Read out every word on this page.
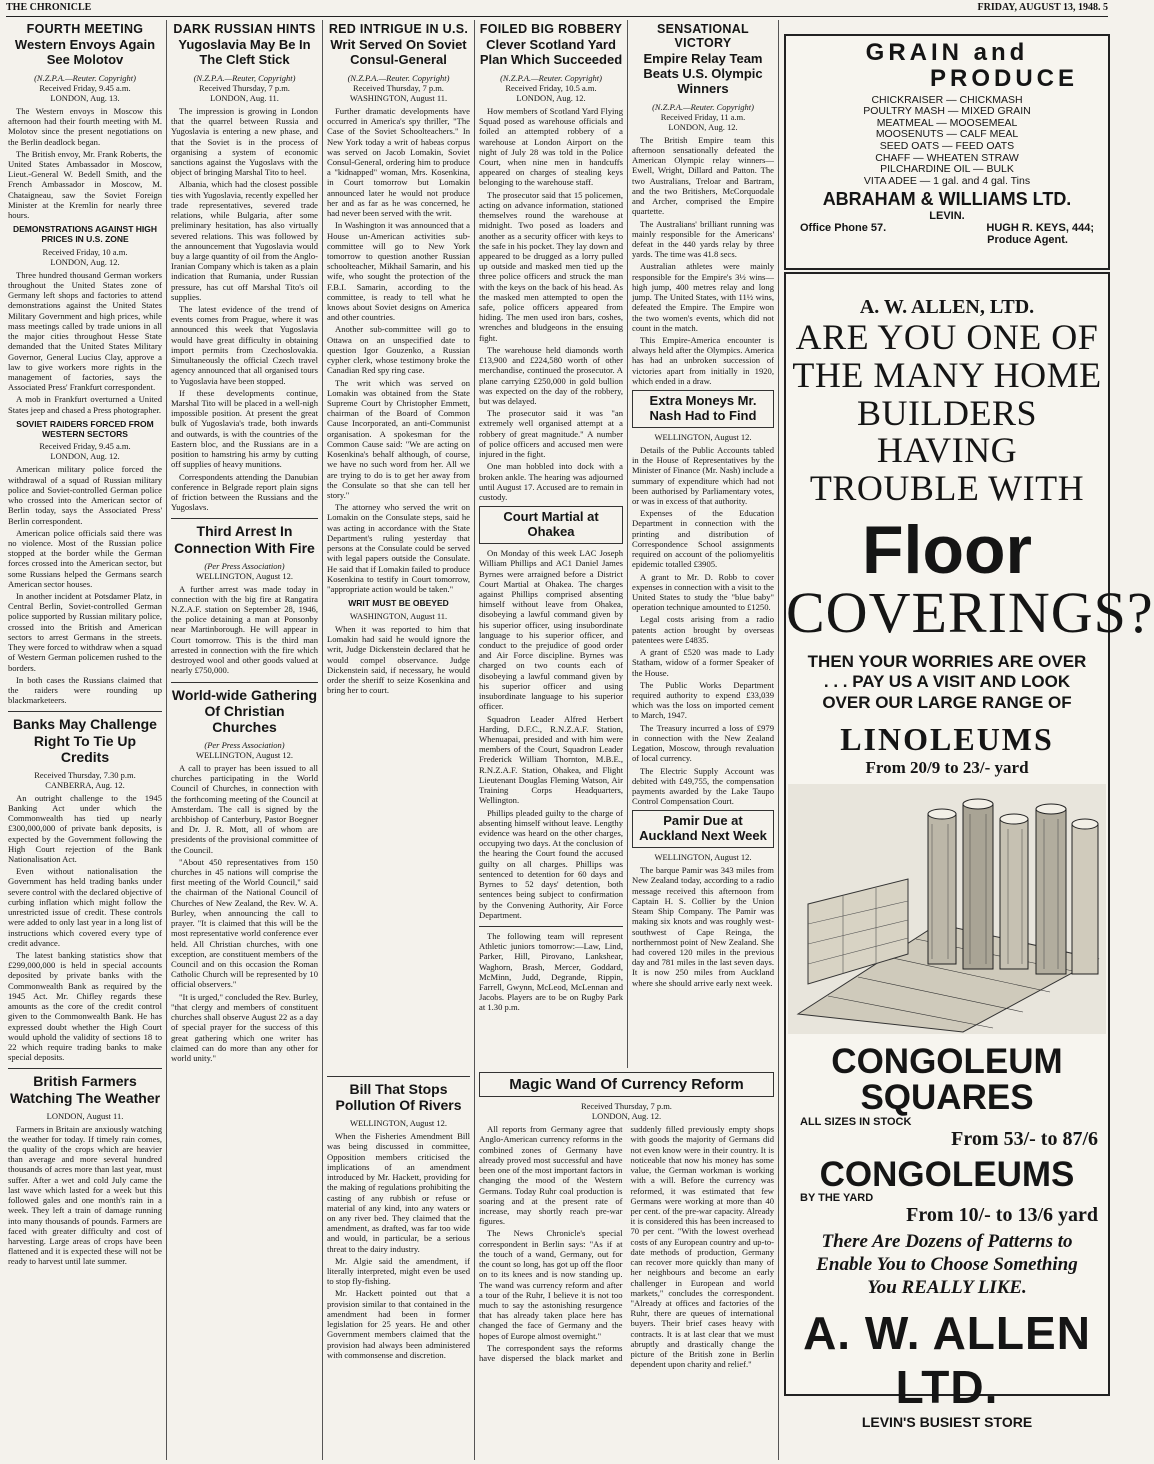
THE CHRONICLE	FRIDAY, AUGUST 13, 1948. 5
FOURTH MEETING
Western Envoys Again See Molotov
(N.Z.P.A.—Reuter. Copyright)
Received Friday, 9.45 a.m.
LONDON, Aug. 13.

The Western envoys in Moscow this afternoon had their fourth meeting with M. Molotov since the present negotiations on the Berlin deadlock began.

The British envoy, Mr. Frank Roberts, the United States Ambassador in Moscow, Lieut.-General W. Bedell Smith, and the French Ambassador in Moscow, M. Chataigneau, saw the Soviet Foreign Minister at the Kremlin for nearly three hours.

DEMONSTRATIONS AGAINST HIGH PRICES IN U.S. ZONE
Received Friday, 10 a.m.
LONDON, Aug. 12.

Three hundred thousand German workers throughout the United States zone of Germany left shops and factories to attend demonstrations against the United States Military Government and high prices, while mass meetings called by trade unions in all the major cities throughout Hesse State demanded that the United States Military Governor, General Lucius Clay, approve a law to give workers more rights in the management of factories, says the Associated Press' Frankfurt correspondent.

A mob in Frankfurt overturned a United States jeep and chased a Press photographer.

SOVIET RAIDERS FORCED FROM WESTERN SECTORS
Received Friday, 9.45 a.m.
LONDON, Aug. 12.

American military police forced the withdrawal of a squad of Russian military police and Soviet-controlled German police who crossed into the American sector of Berlin today, says the Associated Press' Berlin correspondent.

American police officials said there was no violence. Most of the Russian police stopped at the border while the German forces crossed into the American sector, but some Russians helped the Germans search American sector houses.

In another incident at Potsdamer Platz, in Central Berlin, Soviet-controlled German police supported by Russian military police, crossed into the British and American sectors to arrest Germans in the streets. They were forced to withdraw when a squad of Western German policemen rushed to the borders.

In both cases the Russians claimed that the raiders were rounding up blackmarketeers.

Banks May Challenge Right To Tie Up Credits
Received Thursday, 7.30 p.m.
CANBERRA, Aug. 12.

An outright challenge to the 1945 Banking Act under which the Commonwealth has tied up nearly £300,000,000 of private bank deposits, is expected by the Government following the High Court rejection of the Bank Nationalisation Act.

Even without nationalisation the Government has held trading banks under severe control with the declared objective of curbing inflation which might follow the unrestricted issue of credit. These controls were added to only last year in a long list of instructions which covered every type of credit advance.

The latest banking statistics show that £299,000,000 is held in special accounts deposited by private banks with the Commonwealth Bank as required by the 1945 Act. Mr. Chifley regards these amounts as the core of the credit control given to the Commonwealth Bank. He has expressed doubt whether the High Court would uphold the validity of sections 18 to 22 which require trading banks to make special deposits.

British Farmers Watching The Weather
LONDON, August 11.

Farmers in Britain are anxiously watching the weather for today. If timely rain comes, the quality of the crops which are heavier than average and more several hundred thousands of acres more than last year, must suffer. After a wet and cold July came the last wave which lasted for a week but this followed gales and one month's rain in a week. They left a train of damage running into many thousands of pounds. Farmers are faced with greater difficulty and cost of harvesting. Large areas of crops have been flattened and it is expected these will not be ready to harvest until late summer.

DARK RUSSIAN HINTS
Yugoslavia May Be In The Cleft Stick
(N.Z.P.A.—Reuter, Copyright)
Received Thursday, 7 p.m.
LONDON, Aug. 11.

The impression is growing in London that the quarrel between Russia and Yugoslavia is entering a new phase, and that the Soviet is in the process of organising a system of economic sanctions against the Yugoslavs with the object of bringing Marshal Tito to heel.

Albania, which had the closest possible ties with Yugoslavia, recently expelled her trade representatives, severed trade relations, while Bulgaria, after some preliminary hesitation, has also virtually severed relations. This was followed by the announcement that Yugoslavia would buy a large quantity of oil from the Anglo-Iranian Company which is taken as a plain indication that Rumania, under Russian pressure, has cut off Marshal Tito's oil supplies.

The latest evidence of the trend of events comes from Prague, where it was announced this week that Yugoslavia would have great difficulty in obtaining import permits from Czechoslovakia. Simultaneously the official Czech travel agency announced that all organised tours to Yugoslavia have been stopped.

If these developments continue, Marshal Tito will be placed in a well-nigh impossible position. At present the great bulk of Yugoslavia's trade, both inwards and outwards, is with the countries of the Eastern bloc, and the Russians are in a position to hamstring his army by cutting off supplies of heavy munitions.

Correspondents attending the Danubian conference in Belgrade report plain signs of friction between the Russians and the Yugoslavs.

Third Arrest In Connection With Fire
(Per Press Association)
WELLINGTON, August 12.

A further arrest was made today in connection with the big fire at Rangatira N.Z.A.F. station on September 28, 1946, the police detaining a man at Ponsonby near Martinborough. He will appear in Court tomorrow. This is the third man arrested in connection with the fire which destroyed wool and other goods valued at nearly £750,000.

World-wide Gathering Of Christian Churches
(Per Press Association)
WELLINGTON, August 12.

A call to prayer has been issued to all churches participating in the World Council of Churches, in connection with the forthcoming meeting of the Council at Amsterdam. The call is signed by the archbishop of Canterbury, Pastor Boegner and Dr. J. R. Mott, all of whom are presidents of the provisional committee of the Council.

"About 450 representatives from 150 churches in 45 nations will comprise the first meeting of the World Council," said the chairman of the National Council of Churches of New Zealand, the Rev. W. A. Burley, when announcing the call to prayer. "It is claimed that this will be the most representative world conference ever held. All Christian churches, with one exception, are constituent members of the Council and on this occasion the Roman Catholic Church will be represented by 10 official observers."

"It is urged," concluded the Rev. Burley, "that clergy and members of constituent churches shall observe August 22 as a day of special prayer for the success of this great gathering which one writer has claimed can do more than any other for world unity."

RED INTRIGUE IN U.S.
Writ Served On Soviet Consul-General
(N.Z.P.A.—Reuter. Copyright)
Received Thursday, 7 p.m.
WASHINGTON, August 11.

Further dramatic developments have occurred in America's spy thriller, "The Case of the Soviet Schoolteachers." In New York today a writ of habeas corpus was served on Jacob Lomakin, Soviet Consul-General, ordering him to produce a "kidnapped" woman, Mrs. Kosenkina, in Court tomorrow but Lomakin announced later he would not produce her and as far as he was concerned, he had never been served with the writ.

In Washington it was announced that a House un-American activities sub-committee will go to New York tomorrow to question another Russian schoolteacher, Mikhail Samarin, and his wife, who sought the protection of the F.B.I. Samarin, according to the committee, is ready to tell what he knows about Soviet designs on America and other countries.

Another sub-committee will go to Ottawa on an unspecified date to question Igor Gouzenko, a Russian cypher clerk, whose testimony broke the Canadian Red spy ring case.

The writ which was served on Lomakin was obtained from the State Supreme Court by Christopher Emmett, chairman of the Board of Common Cause Incorporated, an anti-Communist organisation. A spokesman for the Common Cause said: "We are acting on Kosenkina's behalf although, of course, we have no such word from her. All we are trying to do is to get her away from the Consulate so that she can tell her story."

The attorney who served the writ on Lomakin on the Consulate steps, said he was acting in accordance with the State Department's ruling yesterday that persons at the Consulate could be served with legal papers outside the Consulate. He said that if Lomakin failed to produce Kosenkina to testify in Court tomorrow, "appropriate action would be taken."

WRIT MUST BE OBEYED
WASHINGTON, August 11.

When it was reported to him that Lomakin had said he would ignore the writ, Judge Dickenstein declared that he would compel observance. Judge Dickenstein said, if necessary, he would order the sheriff to seize Kosenkina and bring her to court.

Bill That Stops Pollution Of Rivers
WELLINGTON, August 12.

When the Fisheries Amendment Bill was being discussed in committee, Opposition members criticised the implications of an amendment introduced by Mr. Hackett, providing for the making of regulations prohibiting the casting of any rubbish or refuse or material of any kind, into any waters or on any river bed. They claimed that the amendment, as drafted, was far too wide and would, in particular, be a serious threat to the dairy industry.

Mr. Algie said the amendment, if literally interpreted, might even be used to stop fly-fishing.

Mr. Hackett pointed out that a provision similar to that contained in the amendment had been in former legislation for 25 years. He and other Government members claimed that the provision had always been administered with commonsense and discretion.

FOILED BIG ROBBERY
Clever Scotland Yard Plan Which Succeeded
(N.Z.P.A.—Reuter. Copyright)
Received Friday, 10.5 a.m.
LONDON, Aug. 12.

How members of Scotland Yard Flying Squad posed as warehouse officials and foiled an attempted robbery of a warehouse at London Airport on the night of July 28 was told in the Police Court, when nine men in handcuffs appeared on charges of stealing keys belonging to the warehouse staff.

The prosecutor said that 15 policemen, acting on advance information, stationed themselves round the warehouse at midnight. Two posed as loaders and another as a security officer with keys to the safe in his pocket. They lay down and appeared to be drugged as a lorry pulled up outside and masked men tied up the three police officers and struck the man with the keys on the back of his head. As the masked men attempted to open the safe, police officers appeared from hiding. The men used iron bars, coshes, wrenches and bludgeons in the ensuing fight.

The warehouse held diamonds worth £13,900 and £224,580 worth of other merchandise, continued the prosecutor. A plane carrying £250,000 in gold bullion was expected on the day of the robbery, but was delayed.

The prosecutor said it was "an extremely well organised attempt at a robbery of great magnitude." A number of police officers and accused men were injured in the fight.

One man hobbled into dock with a broken ankle. The hearing was adjourned until August 17. Accused are to remain in custody.

Court Martial at Ohakea

On Monday of this week LAC Joseph William Phillips and AC1 Daniel James Byrnes were arraigned before a District Court Martial at Ohakea. The charges against Phillips comprised absenting himself without leave from Ohakea, disobeying a lawful command given by his superior officer, using insubordinate language to his superior officer, and conduct to the prejudice of good order and Air Force discipline. Byrnes was charged on two counts each of disobeying a lawful command given by his superior officer and using insubordinate language to his superior officer.

Squadron Leader Alfred Herbert Harding, D.F.C., R.N.Z.A.F. Station, Whenuapai, presided and with him were members of the Court, Squadron Leader Frederick William Thornton, M.B.E., R.N.Z.A.F. Station, Ohakea, and Flight Lieutenant Douglas Fleming Watson, Air Training Corps Headquarters, Wellington.

Phillips pleaded guilty to the charge of absenting himself without leave. Lengthy evidence was heard on the other charges, occupying two days. At the conclusion of the hearing the Court found the accused guilty on all charges. Phillips was sentenced to detention for 60 days and Byrnes to 52 days' detention, both sentences being subject to confirmation by the Convening Authority, Air Force Department.

The following team will represent Athletic juniors tomorrow:—Law, Lind, Parker, Hill, Pirovano, Lankshear, Waghorn, Brash, Mercer, Goddard, McMinn, Judd, Degrande, Rippin, Farrell, Gwynn, McLeod, McLennan and Jacobs. Players are to be on Rugby Park at 1.30 p.m.

SENSATIONAL VICTORY
Empire Relay Team Beats U.S. Olympic Winners
(N.Z.P.A.—Reuter. Copyright)
Received Friday, 11 a.m.
LONDON, Aug. 12.

The British Empire team this afternoon sensationally defeated the American Olympic relay winners—Ewell, Wright, Dillard and Patton. The two Australians, Treloar and Bartram, and the two Britishers, McCorquodale and Archer, comprised the Empire quartette.

The Australians' brilliant running was mainly responsible for the Americans' defeat in the 440 yards relay by three yards. The time was 41.8 secs.

Australian athletes were mainly responsible for the Empire's 3½ wins—high jump, 400 metres relay and long jump. The United States, with 11½ wins, defeated the Empire. The Empire won the two women's events, which did not count in the match.

This Empire-America encounter is always held after the Olympics. America has had an unbroken succession of victories apart from initially in 1920, which ended in a draw.

Extra Moneys Mr. Nash Had to Find
WELLINGTON, August 12.

Details of the Public Accounts tabled in the House of Representatives by the Minister of Finance (Mr. Nash) include a summary of expenditure which had not been authorised by Parliamentary votes, or was in excess of that authority.

Expenses of the Education Department in connection with the printing and distribution of Correspondence School assignments required on account of the poliomyelitis epidemic totalled £3905.

A grant to Mr. D. Robb to cover expenses in connection with a visit to the United States to study the "blue baby" operation technique amounted to £1250.

Legal costs arising from a radio patents action brought by overseas patentees were £4835.

A grant of £520 was made to Lady Statham, widow of a former Speaker of the House.

The Public Works Department required authority to expend £33,039 which was the loss on imported cement to March, 1947.

The Treasury incurred a loss of £979 in connection with the New Zealand Legation, Moscow, through revaluation of local currency.

The Electric Supply Account was debited with £49,755, the compensation payments awarded by the Lake Taupo Control Compensation Court.

Pamir Due at Auckland Next Week
WELLINGTON, August 12.

The barque Pamir was 343 miles from New Zealand today, according to a radio message received this afternoon from Captain H. S. Collier by the Union Steam Ship Company. The Pamir was making six knots and was roughly west-southwest of Cape Reinga, the northernmost point of New Zealand. She had covered 120 miles in the previous day and 781 miles in the last seven days. It is now 250 miles from Auckland where she should arrive early next week.

Magic Wand Of Currency Reform
Received Thursday, 7 p.m.
LONDON, Aug. 12.

All reports from Germany agree that Anglo-American currency reforms in the combined zones of Germany have already proved most successful and have been one of the most important factors in changing the mood of the Western Germans. Today Ruhr coal production is soaring and at the present rate of increase, may shortly reach pre-war figures.

The News Chronicle's special correspondent in Berlin says: "As if at the touch of a wand, Germany, out for the count so long, has got up off the floor on to its knees and is now standing up. The wand was currency reform and after a tour of the Ruhr, I believe it is not too much to say the astonishing resurgence that has already taken place here has changed the face of Germany and the hopes of Europe almost overnight."

The correspondent says the reforms have dispersed the black market and suddenly filled previously empty shops with goods the majority of Germans did not even know were in their country. It is noticeable that now his money has some value, the German workman is working with a will. Before the currency was reformed, it was estimated that few Germans were working at more than 40 per cent. of the pre-war capacity. Already it is considered this has been increased to 70 per cent. "With the lowest overhead costs of any European country and up-to-date methods of production, Germany can recover more quickly than many of her neighbours and become an early challenger in European and world markets," concludes the correspondent. "Already at offices and factories of the Ruhr, there are queues of international buyers. Their brief cases heavy with contracts. It is at last clear that we must abruptly and drastically change the picture of the British zone in Berlin dependent upon charity and relief."

GRAIN and
PRODUCE
CHICKRAISER — CHICKMASH
POULTRY MASH — MIXED GRAIN
MEATMEAL — MOOSEMEAL
MOOSENUTS — CALF MEAL
SEED OATS — FEED OATS
CHAFF — WHEATEN STRAW
PILCHARDINE OIL — BULK
VITA ADEE — 1 gal. and 4 gal. Tins
ABRAHAM & WILLIAMS LTD.
LEVIN.
Office Phone 57.	HUGH R. KEYS, 444;
Produce Agent.
A. W. ALLEN, LTD.
ARE YOU ONE OF
THE MANY HOME
BUILDERS HAVING
TROUBLE WITH
Floor
COVERINGS?
THEN YOUR WORRIES ARE OVER
. . . PAY US A VISIT AND LOOK
OVER OUR LARGE RANGE OF
LINOLEUMS
From 20/9 to 23/- yard
CONGOLEUM
SQUARES
ALL SIZES IN STOCK
From 53/- to 87/6
CONGOLEUMS
BY THE YARD
From 10/- to 13/6 yard
There Are Dozens of Patterns to
Enable You to Choose Something
You REALLY LIKE.
A. W. ALLEN LTD.
LEVIN'S BUSIEST STORE
